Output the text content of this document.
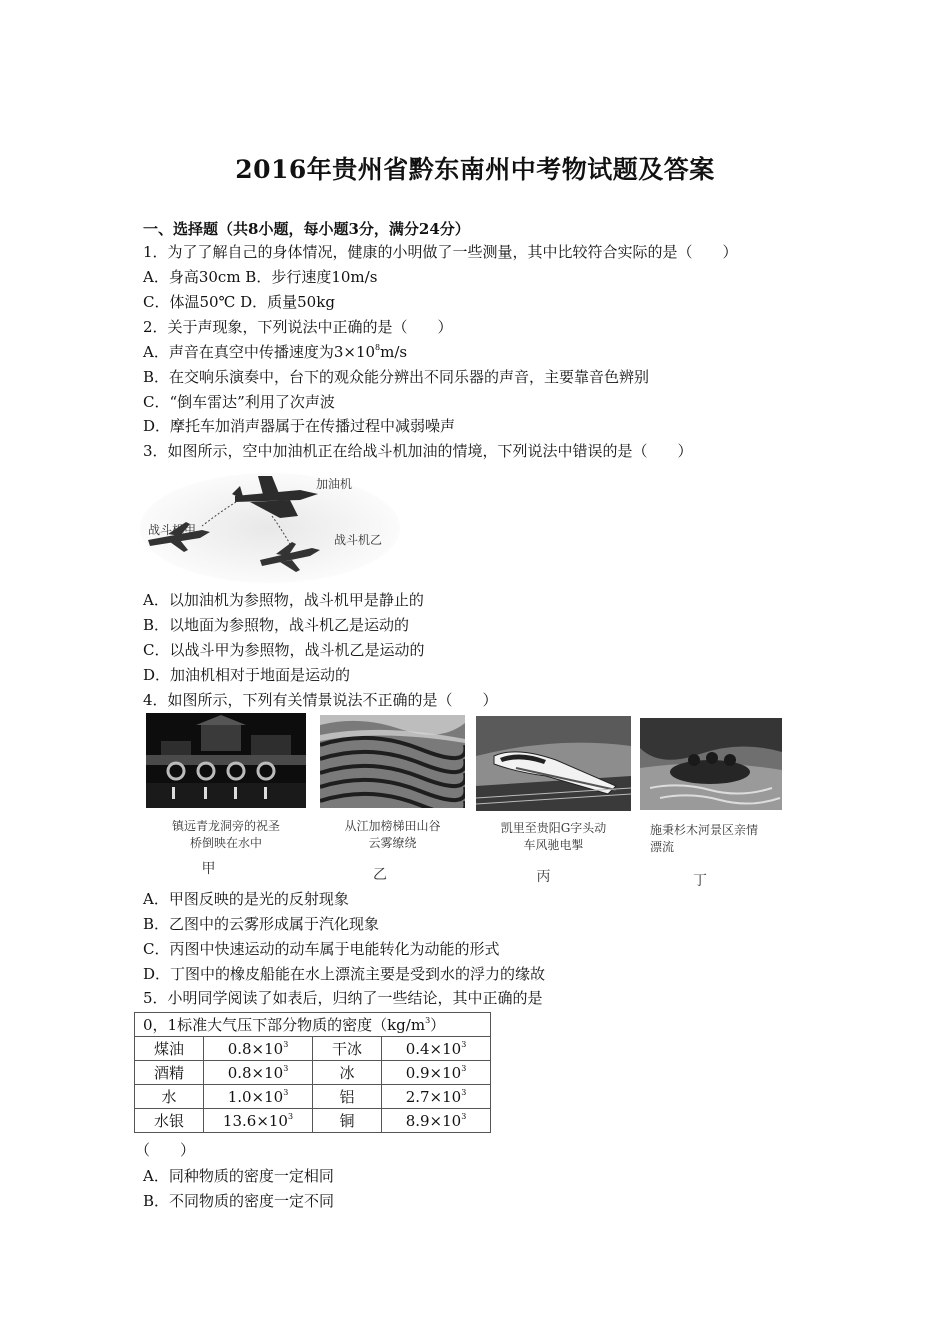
2016年贵州省黔东南州中考物试题及答案
一、选择题（共8小题，每小题3分，满分24分）
1．为了了解自己的身体情况，健康的小明做了一些测量，其中比较符合实际的是（　　）
A．身高30cm B．步行速度10m/s
C．体温50℃ D．质量50kg
2．关于声现象，下列说法中正确的是（　　）
A．声音在真空中传播速度为$3\times 10^8m/s$
B．在交响乐演奏中，台下的观众能分辨出不同乐器的声音，主要靠音色辨别
C．“倒车雷达”利用了次声波
D．摩托车加消声器属于在传播过程中减弱噪声
3．如图所示，空中加油机正在给战斗机加油的情境，下列说法中错误的是（　　）
加油机
战斗机甲
战斗机乙
A．以加油机为参照物，战斗机甲是静止的
B．以地面为参照物，战斗机乙是运动的
C．以战斗甲为参照物，战斗机乙是运动的
D．加油机相对于地面是运动的
4．如图所示，下列有关情景说法不正确的是（　　）
镇远青龙洞旁的祝圣
桥倒映在水中
从江加榜梯田山谷
云雾缭绕
凯里至贵阳G字头动
车风驰电掣
施秉杉木河景区亲情
漂流
甲	乙	丙	丁
A．甲图反映的是光的反射现象
B．乙图中的云雾形成属于汽化现象
C．丙图中快速运动的动车属于电能转化为动能的形式
D．丁图中的橡皮船能在水上漂流主要是受到水的浮力的缘故
5．小明同学阅读了如表后，归纳了一些结论，其中正确的是
0，1标准大气压下部分物质的密度$(kg/m^3)$			
煤油	$0.8\times 10^3$	干冰	$0.4\times 10^3$
酒精	$0.8\times 10^3$	冰	$0.9\times 10^3$
水	$1.0\times 10^3$	铝	$2.7\times 10^3$
水银	$13.6\times 10^3$	铜	$8.9\times 10^3$
（　　）
A．同种物质的密度一定相同
B．不同物质的密度一定不同
